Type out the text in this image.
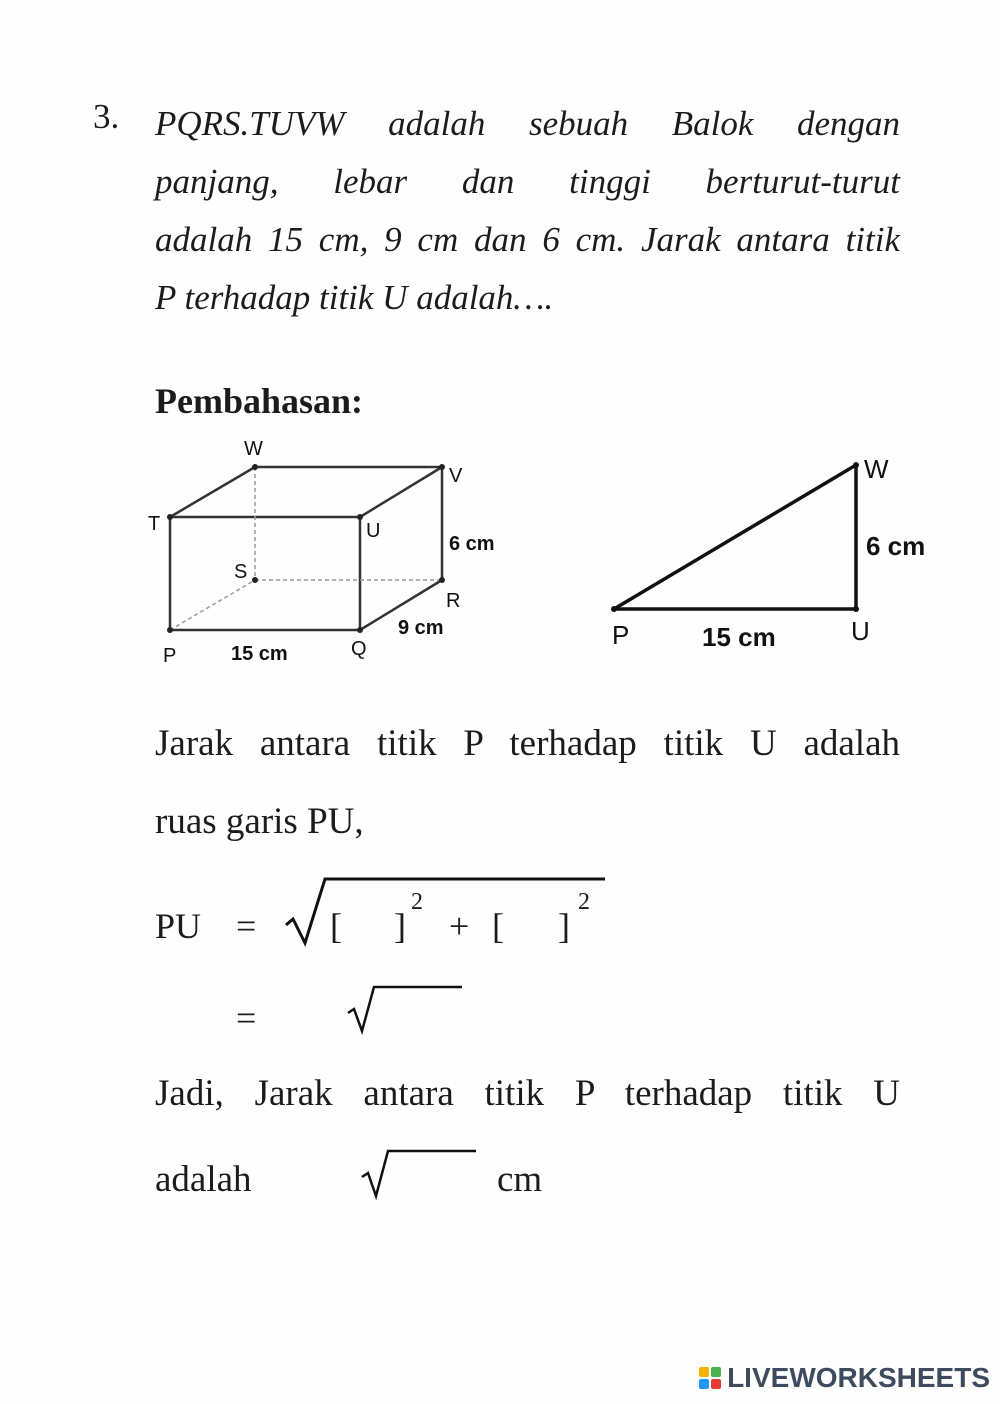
3. PQRS.TUVW adalah sebuah Balok dengan
panjang, lebar dan tinggi berturut-turut
adalah 15 cm, 9 cm dan 6 cm. Jarak antara titik
P terhadap titik U adalah….
Pembahasan:
W
V
T	U
S
R
P	Q
15 cm
9 cm
6 cm
W
P	U
15 cm
6 cm
Jarak antara titik P terhadap titik U adalah
ruas garis PU,
PU = [ ]
2
+ [ ]
2
=
Jadi, Jarak antara titik P terhadap titik U
adalah	cm
LIVEWORKSHEETS
